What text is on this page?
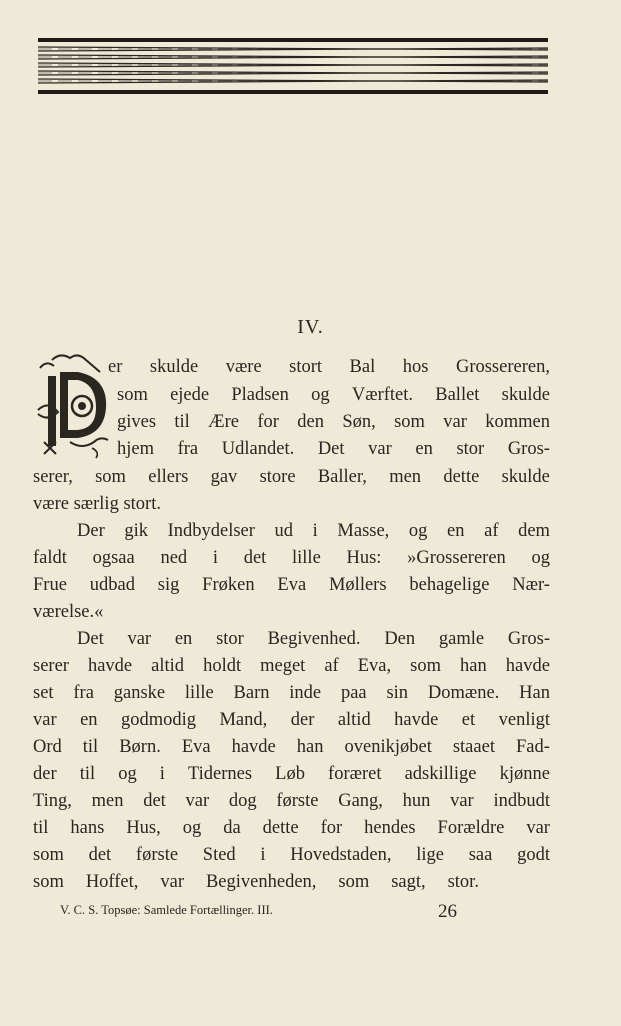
IV.
er skulde være stort Bal hos Grossereren,
som ejede Pladsen og Værftet. Ballet skulde
gives til Ære for den Søn, som var kommen
hjem fra Udlandet. Det var en stor Gros-
serer, som ellers gav store Baller, men dette skulde
være særlig stort.
Der gik Indbydelser ud i Masse, og en af dem
faldt ogsaa ned i det lille Hus: »Grossereren og
Frue udbad sig Frøken Eva Møllers behagelige Nær-
værelse.«
Det var en stor Begivenhed. Den gamle Gros-
serer havde altid holdt meget af Eva, som han havde
set fra ganske lille Barn inde paa sin Domæne. Han
var en godmodig Mand, der altid havde et venligt
Ord til Børn. Eva havde han ovenikjøbet staaet Fad-
der til og i Tidernes Løb foræret adskillige kjønne
Ting, men det var dog første Gang, hun var indbudt
til hans Hus, og da dette for hendes Forældre var
som det første Sted i Hovedstaden, lige saa godt
som Hoffet, var Begivenheden, som sagt, stor.
V. C. S. Topsøe: Samlede Fortællinger. III.	26
